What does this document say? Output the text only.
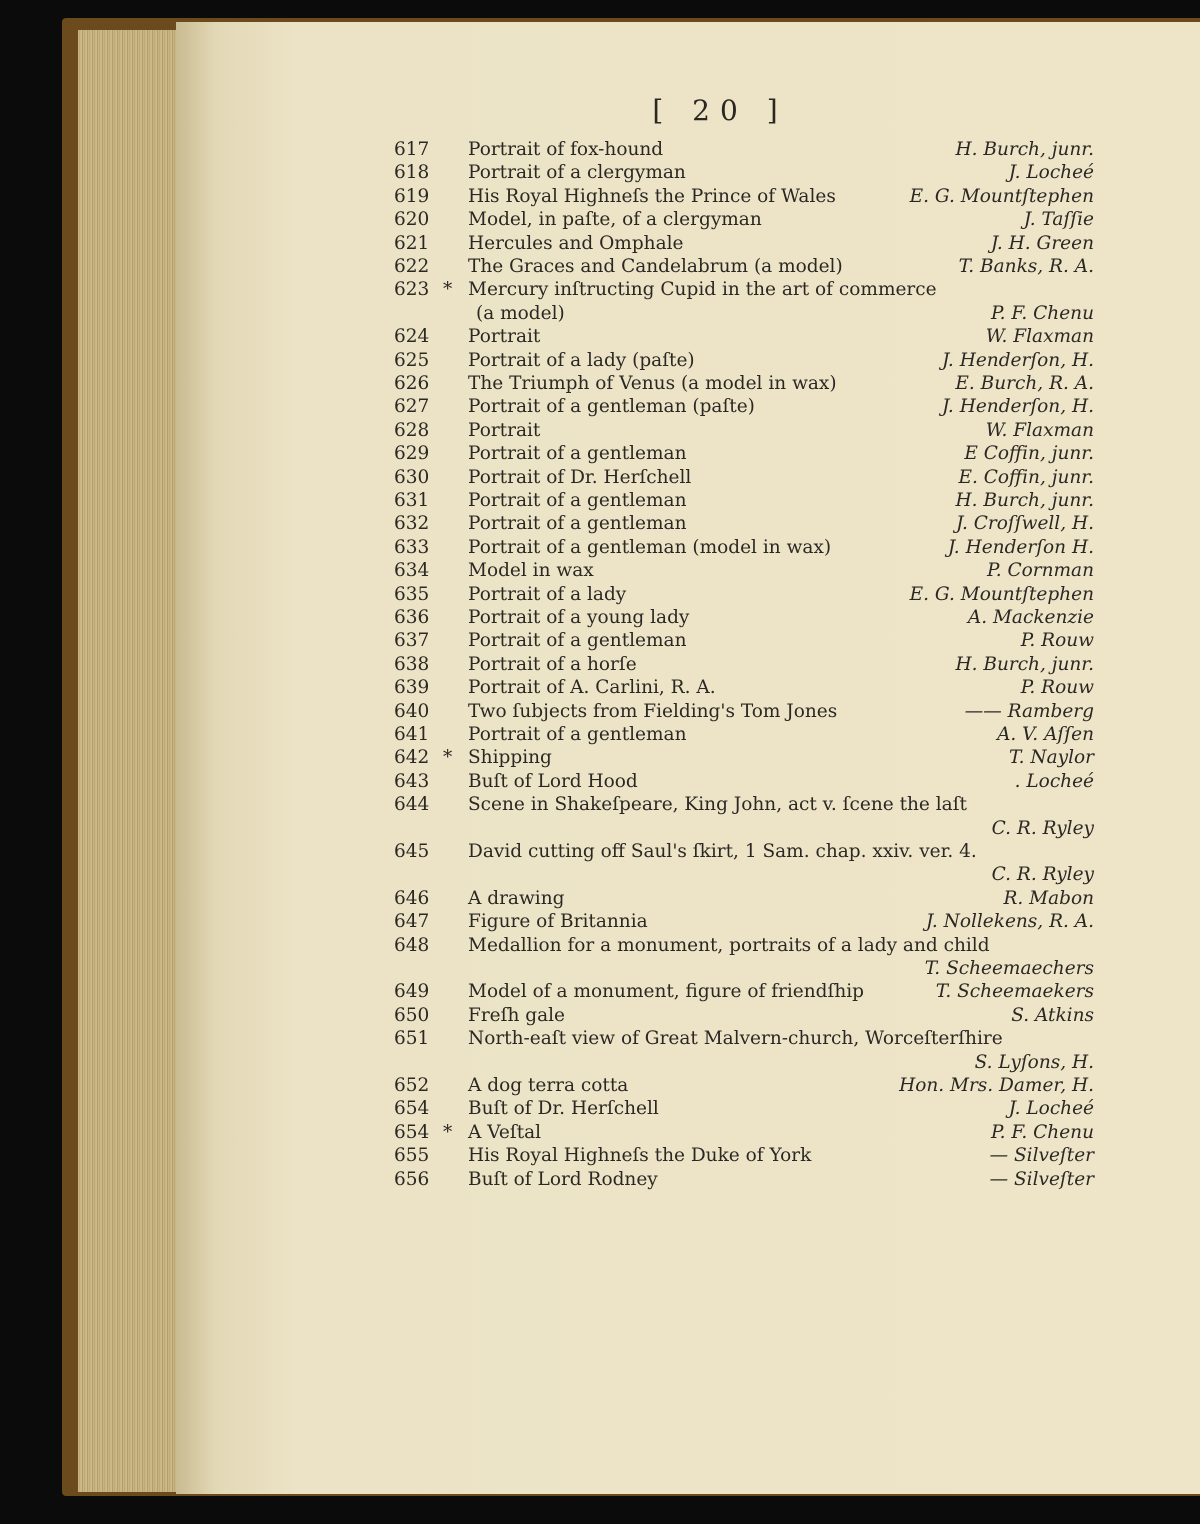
[ 20 ]
617	Portrait of fox-hound	H. Burch, junr.
618	Portrait of a clergyman	J. Locheé
619	His Royal Highneſs the Prince of Wales	E. G. Mountſtephen
620	Model, in paſte, of a clergyman	J. Taſſie
621	Hercules and Omphale	J. H. Green
622	The Graces and Candelabrum (a model)	T. Banks, R. A.
623 * Mercury inſtructing Cupid in the art of commerce
(a model)	P. F. Chenu
624	Portrait	W. Flaxman
625	Portrait of a lady (paſte)	J. Henderſon, H.
626	The Triumph of Venus (a model in wax)	E. Burch, R. A.
627	Portrait of a gentleman (paſte)	J. Henderſon, H.
628	Portrait	W. Flaxman
629	Portrait of a gentleman	E Coffin, junr.
630	Portrait of Dr. Herſchell	E. Coffin, junr.
631	Portrait of a gentleman	H. Burch, junr.
632	Portrait of a gentleman	J. Croſſwell, H.
633	Portrait of a gentleman (model in wax)	J. Henderſon H.
634	Model in wax	P. Cornman
635	Portrait of a lady	E. G. Mountſtephen
636	Portrait of a young lady	A. Mackenzie
637	Portrait of a gentleman	P. Rouw
638	Portrait of a horſe	H. Burch, junr.
639	Portrait of A. Carlini, R. A.	P. Rouw
640	Two ſubjects from Fielding's Tom Jones	—— Ramberg
641	Portrait of a gentleman	A. V. Aſſen
642 * Shipping	T. Naylor
643	Buſt of Lord Hood	. Locheé
644	Scene in Shakeſpeare, King John, act v. ſcene the laſt
C. R. Ryley
645	David cutting off Saul's ſkirt, 1 Sam. chap. xxiv. ver. 4.
C. R. Ryley
646	A drawing	R. Mabon
647	Figure of Britannia	J. Nollekens, R. A.
648	Medallion for a monument, portraits of a lady and child
T. Scheemaechers
649	Model of a monument, figure of friendſhip	T. Scheemaekers
650	Freſh gale	S. Atkins
651	North-eaſt view of Great Malvern-church, Worceſterſhire
S. Lyſons, H.
652	A dog terra cotta	Hon. Mrs. Damer, H.
654	Buſt of Dr. Herſchell	J. Locheé
654 * A Veſtal	P. F. Chenu
655	His Royal Highneſs the Duke of York	— Silveſter
656	Buſt of Lord Rodney	— Silveſter
